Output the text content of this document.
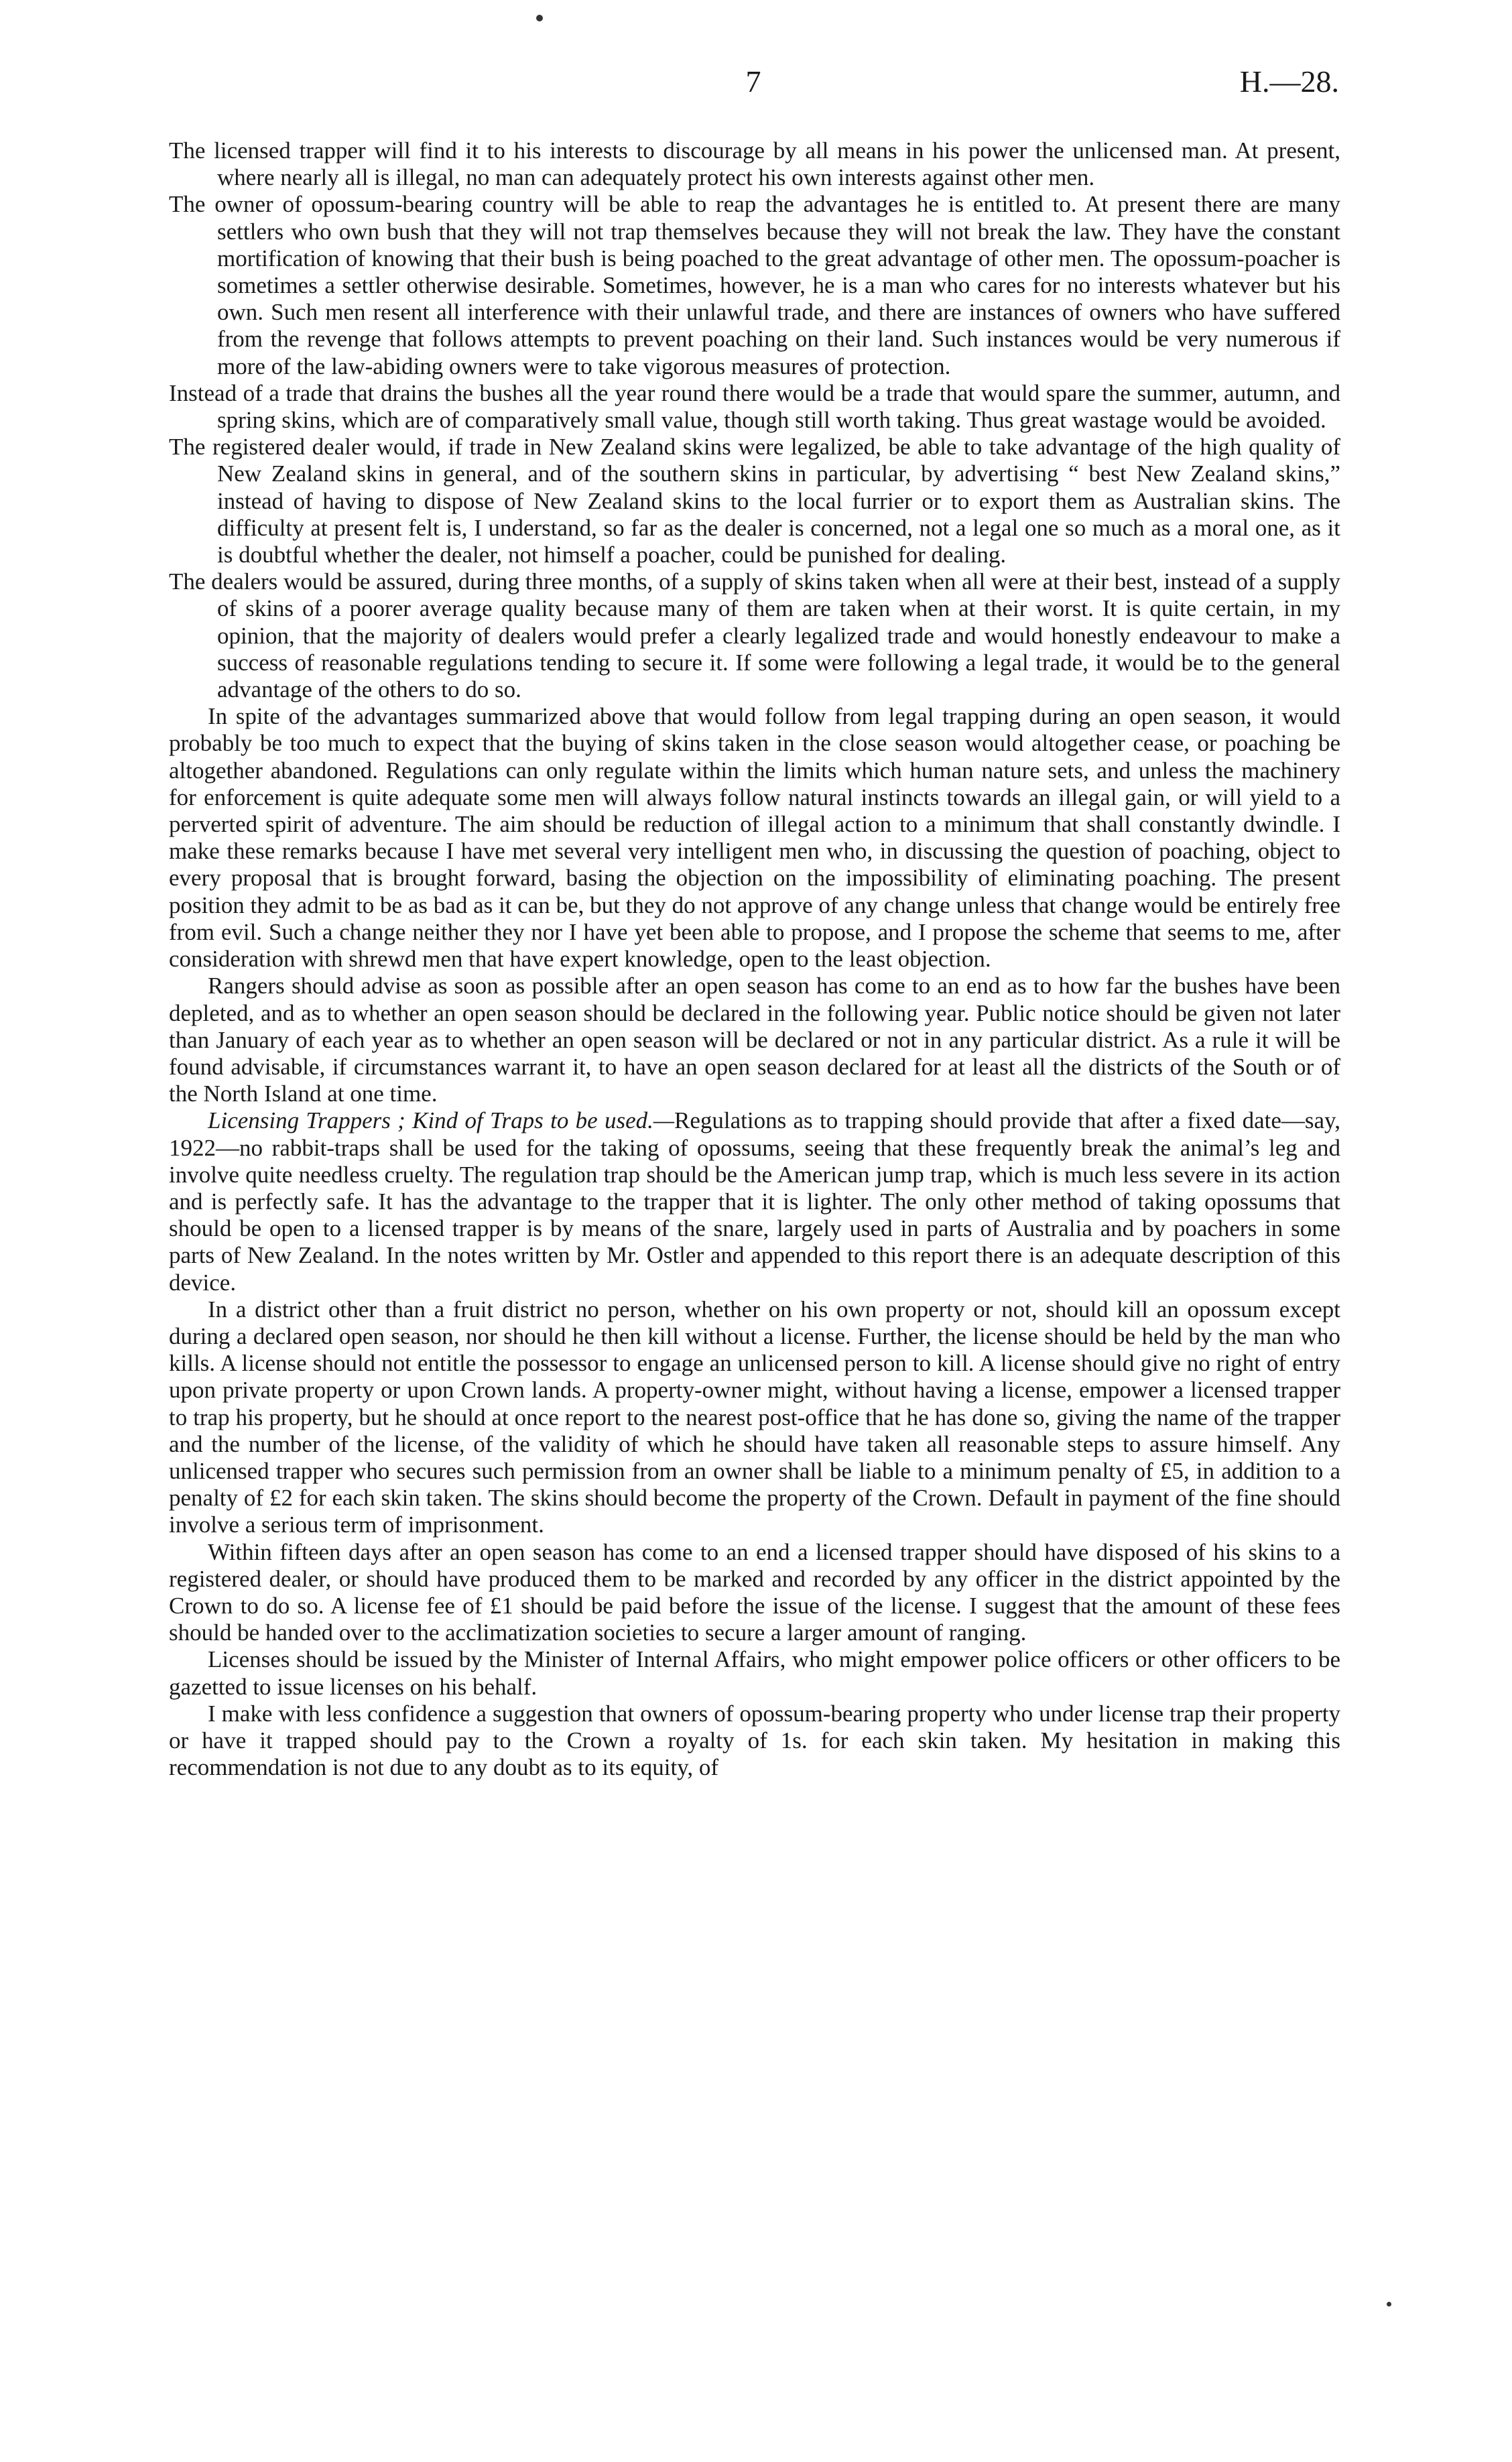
7	H.—28.

The licensed trapper will find it to his interests to discourage by all means in his power the unlicensed man. At present, where nearly all is illegal, no man can adequately protect his own interests against other men.

The owner of opossum-bearing country will be able to reap the advantages he is entitled to. At present there are many settlers who own bush that they will not trap themselves because they will not break the law. They have the constant mortification of knowing that their bush is being poached to the great advantage of other men. The opossum-poacher is sometimes a settler otherwise desirable. Sometimes, however, he is a man who cares for no interests whatever but his own. Such men resent all interference with their unlawful trade, and there are instances of owners who have suffered from the revenge that follows attempts to prevent poaching on their land. Such instances would be very numerous if more of the law-abiding owners were to take vigorous measures of protection.

Instead of a trade that drains the bushes all the year round there would be a trade that would spare the summer, autumn, and spring skins, which are of comparatively small value, though still worth taking. Thus great wastage would be avoided.

The registered dealer would, if trade in New Zealand skins were legalized, be able to take advantage of the high quality of New Zealand skins in general, and of the southern skins in particular, by advertising “ best New Zealand skins,” instead of having to dispose of New Zealand skins to the local furrier or to export them as Australian skins. The difficulty at present felt is, I understand, so far as the dealer is concerned, not a legal one so much as a moral one, as it is doubtful whether the dealer, not himself a poacher, could be punished for dealing.

The dealers would be assured, during three months, of a supply of skins taken when all were at their best, instead of a supply of skins of a poorer average quality because many of them are taken when at their worst. It is quite certain, in my opinion, that the majority of dealers would prefer a clearly legalized trade and would honestly endeavour to make a success of reasonable regulations tending to secure it. If some were following a legal trade, it would be to the general advantage of the others to do so.

In spite of the advantages summarized above that would follow from legal trapping during an open season, it would probably be too much to expect that the buying of skins taken in the close season would altogether cease, or poaching be altogether abandoned. Regulations can only regulate within the limits which human nature sets, and unless the machinery for enforcement is quite adequate some men will always follow natural instincts towards an illegal gain, or will yield to a perverted spirit of adventure. The aim should be reduction of illegal action to a minimum that shall constantly dwindle. I make these remarks because I have met several very intelligent men who, in discussing the question of poaching, object to every proposal that is brought forward, basing the objection on the impossibility of eliminating poaching. The present position they admit to be as bad as it can be, but they do not approve of any change unless that change would be entirely free from evil. Such a change neither they nor I have yet been able to propose, and I propose the scheme that seems to me, after consideration with shrewd men that have expert knowledge, open to the least objection.

Rangers should advise as soon as possible after an open season has come to an end as to how far the bushes have been depleted, and as to whether an open season should be declared in the following year. Public notice should be given not later than January of each year as to whether an open season will be declared or not in any particular district. As a rule it will be found advisable, if circumstances warrant it, to have an open season declared for at least all the districts of the South or of the North Island at one time.

Licensing Trappers ; Kind of Traps to be used.—Regulations as to trapping should provide that after a fixed date—say, 1922—no rabbit-traps shall be used for the taking of opossums, seeing that these frequently break the animal’s leg and involve quite needless cruelty. The regulation trap should be the American jump trap, which is much less severe in its action and is perfectly safe. It has the advantage to the trapper that it is lighter. The only other method of taking opossums that should be open to a licensed trapper is by means of the snare, largely used in parts of Australia and by poachers in some parts of New Zealand. In the notes written by Mr. Ostler and appended to this report there is an adequate description of this device.

In a district other than a fruit district no person, whether on his own property or not, should kill an opossum except during a declared open season, nor should he then kill without a license. Further, the license should be held by the man who kills. A license should not entitle the possessor to engage an unlicensed person to kill. A license should give no right of entry upon private property or upon Crown lands. A property-owner might, without having a license, empower a licensed trapper to trap his property, but he should at once report to the nearest post-office that he has done so, giving the name of the trapper and the number of the license, of the validity of which he should have taken all reasonable steps to assure himself. Any unlicensed trapper who secures such permission from an owner shall be liable to a minimum penalty of £5, in addition to a penalty of £2 for each skin taken. The skins should become the property of the Crown. Default in payment of the fine should involve a serious term of imprisonment.

Within fifteen days after an open season has come to an end a licensed trapper should have disposed of his skins to a registered dealer, or should have produced them to be marked and recorded by any officer in the district appointed by the Crown to do so. A license fee of £1 should be paid before the issue of the license. I suggest that the amount of these fees should be handed over to the acclimatization societies to secure a larger amount of ranging.

Licenses should be issued by the Minister of Internal Affairs, who might empower police officers or other officers to be gazetted to issue licenses on his behalf.

I make with less confidence a suggestion that owners of opossum-bearing property who under license trap their property or have it trapped should pay to the Crown a royalty of 1s. for each skin taken. My hesitation in making this recommendation is not due to any doubt as to its equity, of
